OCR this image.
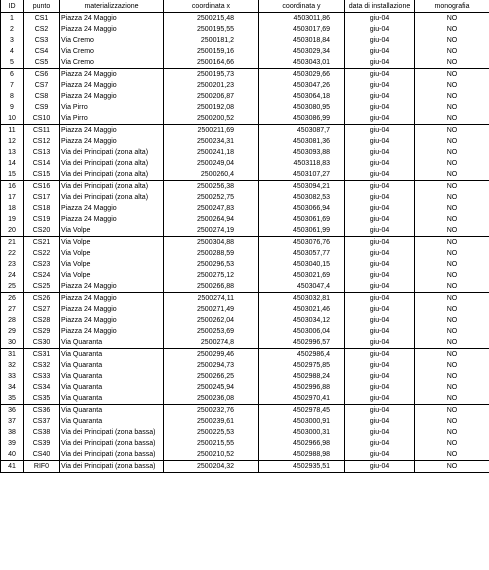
ID	punto	materializzazione	coordinata x	coordinata y	data di installazione	monografia
1	CS1	Piazza 24 Maggio	2500215,48	4503011,86	giu-04	NO
2	CS2	Piazza 24 Maggio	2500195,55	4503017,69	giu-04	NO
3	CS3	Via Cremo	2500181,2	4503018,84	giu-04	NO
4	CS4	Via Cremo	2500159,16	4503029,34	giu-04	NO
5	CS5	Via Cremo	2500164,66	4503043,01	giu-04	NO
6	CS6	Piazza 24 Maggio	2500195,73	4503029,66	giu-04	NO
7	CS7	Piazza 24 Maggio	2500201,23	4503047,26	giu-04	NO
8	CS8	Piazza 24 Maggio	2500206,87	4503064,18	giu-04	NO
9	CS9	Via Pirro	2500192,08	4503080,95	giu-04	NO
10	CS10	Via Pirro	2500200,52	4503086,99	giu-04	NO
11	CS11	Piazza 24 Maggio	2500211,69	4503087,7	giu-04	NO
12	CS12	Piazza 24 Maggio	2500234,31	4503081,36	giu-04	NO
13	CS13	Via dei Principati (zona alta)	2500241,18	4503093,88	giu-04	NO
14	CS14	Via dei Principati (zona alta)	2500249,04	4503118,83	giu-04	NO
15	CS15	Via dei Principati (zona alta)	2500260,4	4503107,27	giu-04	NO
16	CS16	Via dei Principati (zona alta)	2500256,38	4503094,21	giu-04	NO
17	CS17	Via dei Principati (zona alta)	2500252,75	4503082,53	giu-04	NO
18	CS18	Piazza 24 Maggio	2500247,83	4503066,94	giu-04	NO
19	CS19	Piazza 24 Maggio	2500264,94	4503061,69	giu-04	NO
20	CS20	Via Volpe	2500274,19	4503061,99	giu-04	NO
21	CS21	Via Volpe	2500304,88	4503076,76	giu-04	NO
22	CS22	Via Volpe	2500288,59	4503057,77	giu-04	NO
23	CS23	Via Volpe	2500296,53	4503040,15	giu-04	NO
24	CS24	Via Volpe	2500275,12	4503021,69	giu-04	NO
25	CS25	Piazza 24 Maggio	2500266,88	4503047,4	giu-04	NO
26	CS26	Piazza 24 Maggio	2500274,11	4503032,81	giu-04	NO
27	CS27	Piazza 24 Maggio	2500271,49	4503021,46	giu-04	NO
28	CS28	Piazza 24 Maggio	2500262,04	4503034,12	giu-04	NO
29	CS29	Piazza 24 Maggio	2500253,69	4503006,04	giu-04	NO
30	CS30	Via Quaranta	2500274,8	4502996,57	giu-04	NO
31	CS31	Via Quaranta	2500299,46	4502986,4	giu-04	NO
32	CS32	Via Quaranta	2500294,73	4502975,85	giu-04	NO
33	CS33	Via Quaranta	2500266,25	4502988,24	giu-04	NO
34	CS34	Via Quaranta	2500245,94	4502996,88	giu-04	NO
35	CS35	Via Quaranta	2500236,08	4502970,41	giu-04	NO
36	CS36	Via Quaranta	2500232,76	4502978,45	giu-04	NO
37	CS37	Via Quaranta	2500239,61	4503000,91	giu-04	NO
38	CS38	Via dei Principati (zona bassa)	2500225,53	4503000,31	giu-04	NO
39	CS39	Via dei Principati (zona bassa)	2500215,55	4502966,98	giu-04	NO
40	CS40	Via dei Principati (zona bassa)	2500210,52	4502988,98	giu-04	NO
41	RIF0	Via dei Principati (zona bassa)	2500204,32	4502935,51	giu-04	NO
